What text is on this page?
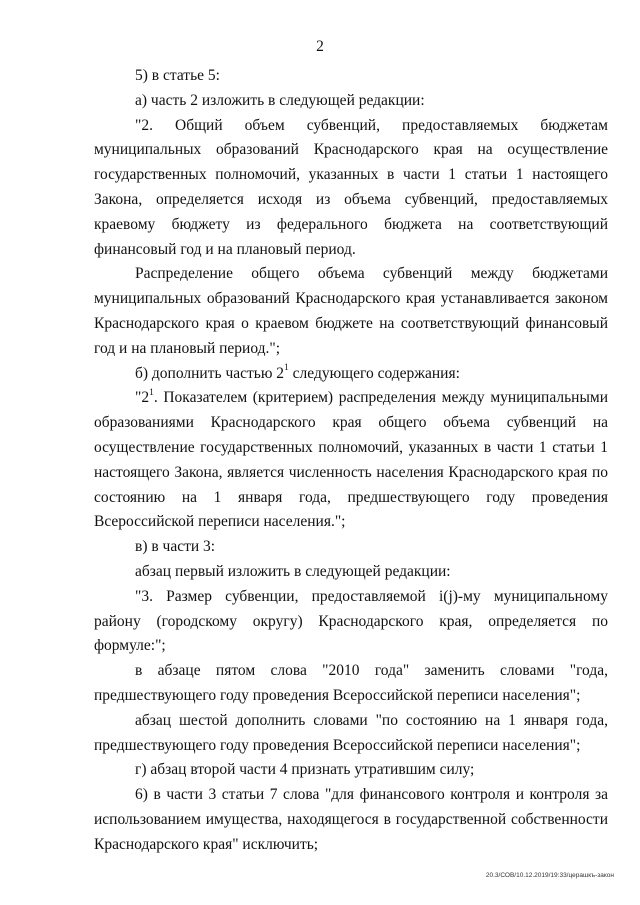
2

5) в статье 5:

а) часть 2 изложить в следующей редакции:

"2. Общий объем субвенций, предоставляемых бюджетам муниципальных образований Краснодарского края на осуществление государственных полномочий, указанных в части 1 статьи 1 настоящего Закона, определяется исходя из объема субвенций, предоставляемых краевому бюджету из федерального бюджета на соответствующий финансовый год и на плановый период.

Распределение общего объема субвенций между бюджетами муниципальных образований Краснодарского края устанавливается законом Краснодарского края о краевом бюджете на соответствующий финансовый год и на плановый период.";

б) дополнить частью $2^1$ следующего содержания:

"$2^1$. Показателем (критерием) распределения между муниципальными образованиями Краснодарского края общего объема субвенций на осуществление государственных полномочий, указанных в части 1 статьи 1 настоящего Закона, является численность населения Краснодарского края по состоянию на 1 января года, предшествующего году проведения Всероссийской переписи населения.";

в) в части 3:

абзац первый изложить в следующей редакции:

"3. Размер субвенции, предоставляемой i(j)-му муниципальному району (городскому округу) Краснодарского края, определяется по формуле:";

в абзаце пятом слова "2010 года" заменить словами "года, предшествующего году проведения Всероссийской переписи населения";

абзац шестой дополнить словами "по состоянию на 1 января года, предшествующего году проведения Всероссийской переписи населения";

г) абзац второй части 4 признать утратившим силу;

6) в части 3 статьи 7 слова "для финансового контроля и контроля за использованием имущества, находящегося в государственной собственности Краснодарского края" исключить;

20.3/СОВ/10.12.2019/19:33/церашкъ-закон
